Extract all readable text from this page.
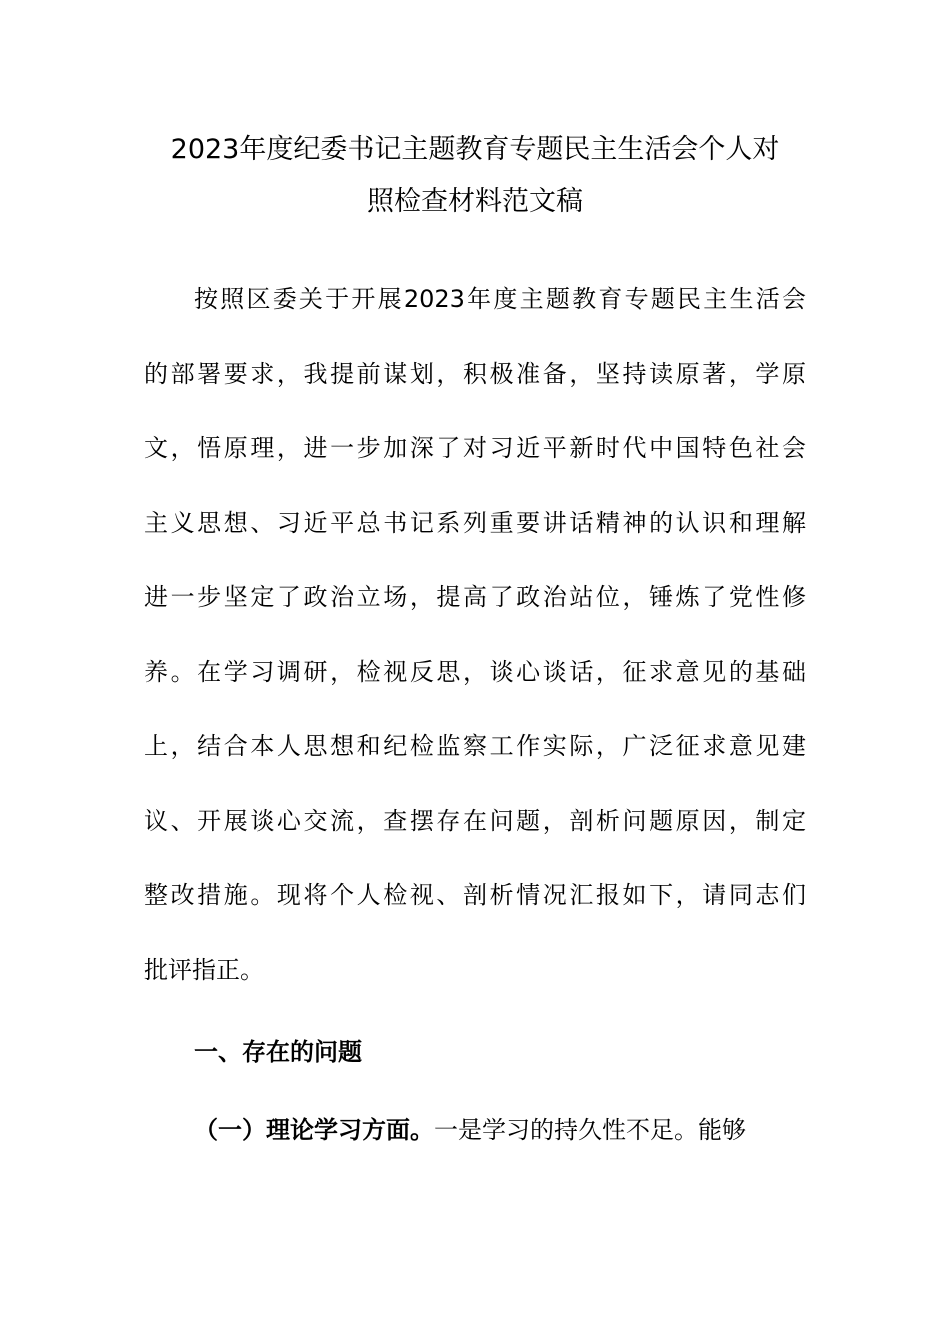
2023年度纪委书记主题教育专题民主生活会个人对
照检查材料范文稿
按照区委关于开展2023年度主题教育专题民主生活会
的部署要求，我提前谋划，积极准备，坚持读原著，学原
文，悟原理，进一步加深了对习近平新时代中国特色社会
主义思想、习近平总书记系列重要讲话精神的认识和理解
进一步坚定了政治立场，提高了政治站位，锤炼了党性修
养。在学习调研，检视反思，谈心谈话，征求意见的基础
上，结合本人思想和纪检监察工作实际，广泛征求意见建
议、开展谈心交流，查摆存在问题，剖析问题原因，制定
整改措施。现将个人检视、剖析情况汇报如下，请同志们
批评指正。
一、存在的问题

（一）理论学习方面。一是学习的持久性不足。能够
